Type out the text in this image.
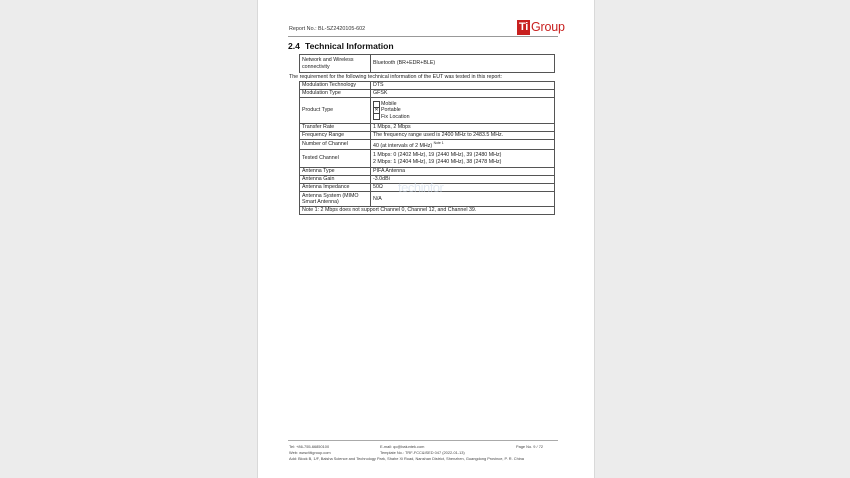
Report No.: BL-SZ2420105-602	Ti Group
2.4 Technical Information
Network and Wireless connectivity	Bluetooth (BR+EDR+BLE)
The requirement for the following technical information of the EUT was tested in this report:
Modulation Technology	DTS
Modulation Type	GFSK
Product Type	Mobile
✕ Portable
Fix Location

Transfer Rate	1 Mbps, 2 Mbps
Frequency Range	The frequency range used is 2400 MHz to 2483.5 MHz.
Number of Channel	40 (at intervals of 2 MHz) $^{Note 1}$
Tested Channel	1 Mbps: 0 (2402 MHz), 19 (2440 MHz), 39 (2480 MHz)
2 Mbps: 1 (2404 MHz), 19 (2440 MHz), 38 (2478 MHz)

Antenna Type	PIFA Antenna
Antenna Gain	-3.0dBi
Antenna Impedance	50Ω
Antenna System (MIMO Smart Antenna)	N/A
Note 1: 2 Mbps does not support Channel 0, Channel 12, and Channel 39.	
techinfor
Tel: +86-755-66850100
Web: www.titigroup.com
E-mail: qc@baluntek.com
Template No.: TRF-FCC&ISED 047 (2022-01-13)
Page No. 9 / 72
Add: Block B, 1/F, Baisha Science and Technology Park, Shahe Xi Road, Nanshan District, Shenzhen, Guangdong Province, P. R. China
